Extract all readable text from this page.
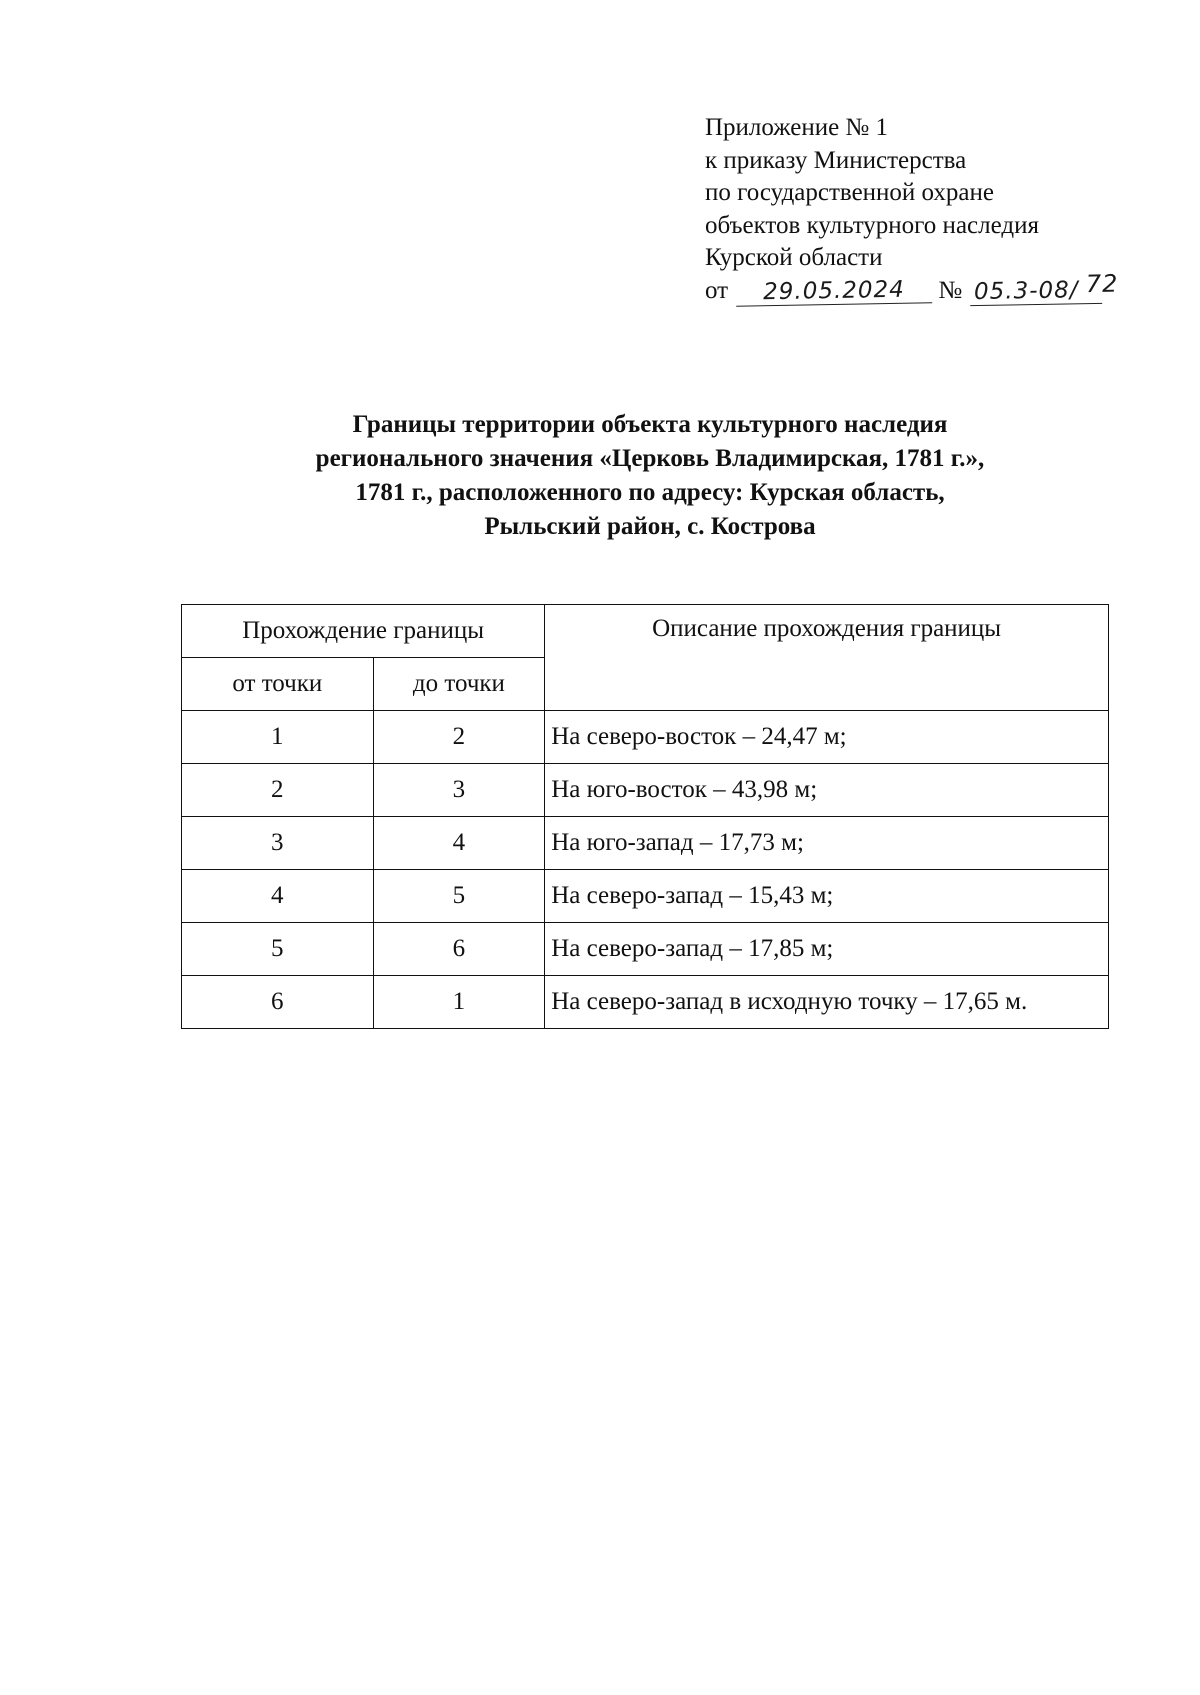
Приложение № 1
к приказу Министерства
по государственной охране
объектов культурного наследия
Курской области
от 29.05.2024 № 05.3-08/ 72
Границы территории объекта культурного наследия
регионального значения «Церковь Владимирская, 1781 г.»,
1781 г., расположенного по адресу: Курская область,
Рыльский район, с. Кострова
Прохождение границы		Описание прохождения границы
от точки	до точки	
1	2	На северо-восток – 24,47 м;
2	3	На юго-восток – 43,98 м;
3	4	На юго-запад – 17,73 м;
4	5	На северо-запад – 15,43 м;
5	6	На северо-запад – 17,85 м;
6	1	На северо-запад в исходную точку – 17,65 м.
